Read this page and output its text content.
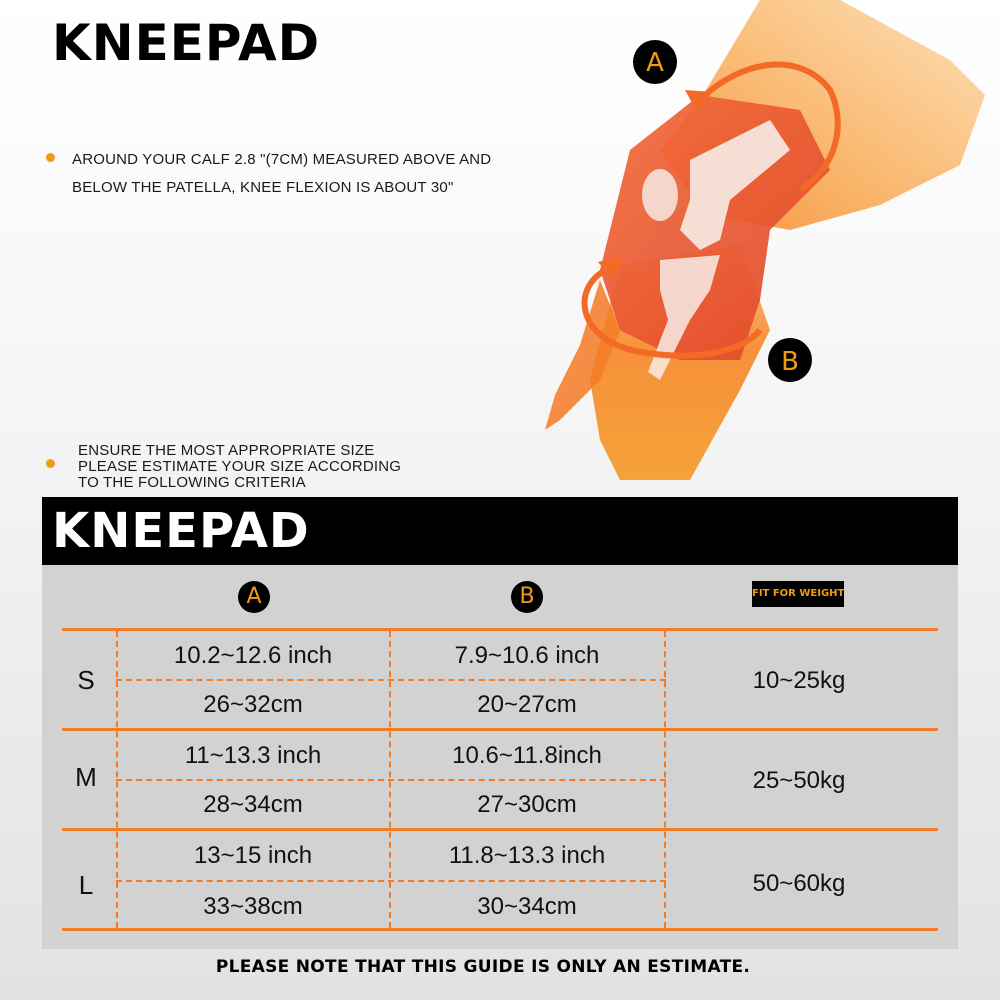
KNEEPAD
AROUND YOUR CALF 2.8 "(7CM) MEASURED ABOVE AND
BELOW THE PATELLA, KNEE FLEXION IS ABOUT 30"
ENSURE THE MOST APPROPRIATE SIZE
PLEASE ESTIMATE YOUR SIZE ACCORDING
TO THE FOLLOWING CRITERIA
A
B
KNEEPAD
A	B	FIT FOR WEIGHT
S
10.2~12.6 inch
26~32cm
7.9~10.6 inch
20~27cm
10~25kg
M
11~13.3 inch
28~34cm
10.6~11.8inch
27~30cm
25~50kg
L
13~15 inch
33~38cm
11.8~13.3 inch
30~34cm
50~60kg
PLEASE NOTE THAT THIS GUIDE IS ONLY AN ESTIMATE.
